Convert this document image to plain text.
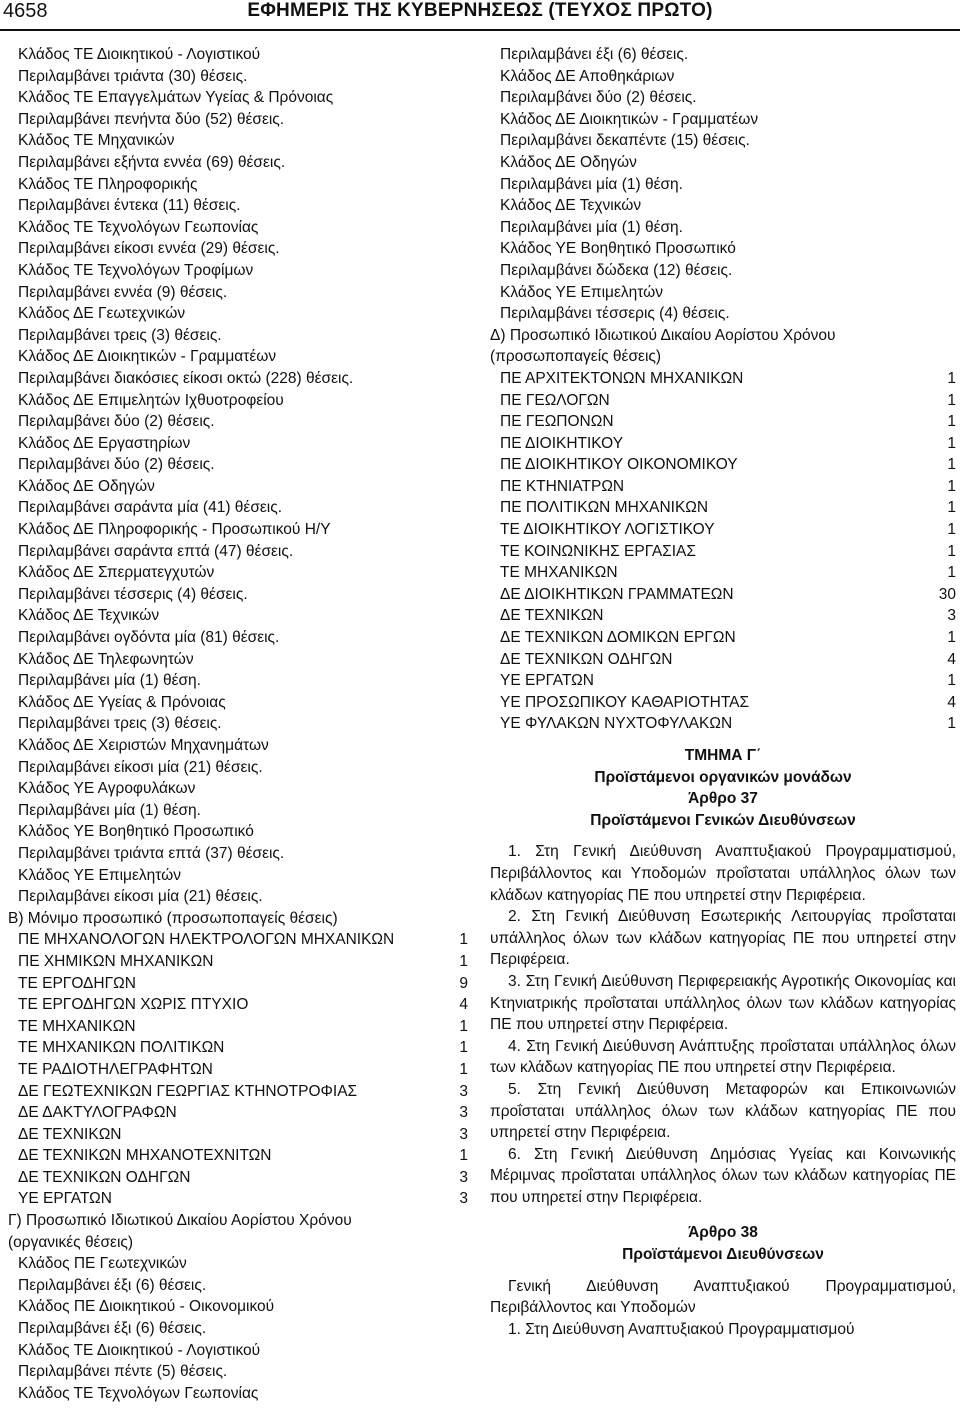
4658	ΕΦΗΜΕΡΙΣ ΤΗΣ ΚΥΒΕΡΝΗΣΕΩΣ (ΤΕΥΧΟΣ ΠΡΩΤΟ)
Κλάδος ΤΕ Διοικητικού - Λογιστικού
Περιλαμβάνει τριάντα (30) θέσεις.
Κλάδος ΤΕ Επαγγελμάτων Υγείας & Πρόνοιας
Περιλαμβάνει πενήντα δύο (52) θέσεις.
Κλάδος ΤΕ Μηχανικών
Περιλαμβάνει εξήντα εννέα (69) θέσεις.
Κλάδος ΤΕ Πληροφορικής
Περιλαμβάνει έντεκα (11) θέσεις.
Κλάδος ΤΕ Τεχνολόγων Γεωπονίας
Περιλαμβάνει είκοσι εννέα (29) θέσεις.
Κλάδος ΤΕ Τεχνολόγων Τροφίμων
Περιλαμβάνει εννέα (9) θέσεις.
Κλάδος ΔΕ Γεωτεχνικών
Περιλαμβάνει τρεις (3) θέσεις.
Κλάδος ΔΕ Διοικητικών - Γραμματέων
Περιλαμβάνει διακόσιες είκοσι οκτώ (228) θέσεις.
Κλάδος ΔΕ Επιμελητών Ιχθυοτροφείου
Περιλαμβάνει δύο (2) θέσεις.
Κλάδος ΔΕ Εργαστηρίων
Περιλαμβάνει δύο (2) θέσεις.
Κλάδος ΔΕ Οδηγών
Περιλαμβάνει σαράντα μία (41) θέσεις.
Κλάδος ΔΕ Πληροφορικής - Προσωπικού Η/Υ
Περιλαμβάνει σαράντα επτά (47) θέσεις.
Κλάδος ΔΕ Σπερματεγχυτών
Περιλαμβάνει τέσσερις (4) θέσεις.
Κλάδος ΔΕ Τεχνικών
Περιλαμβάνει ογδόντα μία (81) θέσεις.
Κλάδος ΔΕ Τηλεφωνητών
Περιλαμβάνει μία (1) θέση.
Κλάδος ΔΕ Υγείας & Πρόνοιας
Περιλαμβάνει τρεις (3) θέσεις.
Κλάδος ΔΕ Χειριστών Μηχανημάτων
Περιλαμβάνει είκοσι μία (21) θέσεις.
Κλάδος ΥΕ Αγροφυλάκων
Περιλαμβάνει μία (1) θέση.
Κλάδος ΥΕ Βοηθητικό Προσωπικό
Περιλαμβάνει τριάντα επτά (37) θέσεις.
Κλάδος ΥΕ Επιμελητών
Περιλαμβάνει είκοσι μία (21) θέσεις.
Β) Μόνιμο προσωπικό (προσωποπαγείς θέσεις)
ΠΕ ΜΗΧΑΝΟΛΟΓΩΝ ΗΛΕΚΤΡΟΛΟΓΩΝ ΜΗΧΑΝΙΚΩΝ	1
ΠΕ ΧΗΜΙΚΩΝ ΜΗΧΑΝΙΚΩΝ	1
ΤΕ ΕΡΓΟΔΗΓΩΝ	9
ΤΕ ΕΡΓΟΔΗΓΩΝ ΧΩΡΙΣ ΠΤΥΧΙΟ	4
ΤΕ ΜΗΧΑΝΙΚΩΝ	1
ΤΕ ΜΗΧΑΝΙΚΩΝ ΠΟΛΙΤΙΚΩΝ	1
ΤΕ ΡΑΔΙΟΤΗΛΕΓΡΑΦΗΤΩΝ	1
ΔΕ ΓΕΩΤΕΧΝΙΚΩΝ ΓΕΩΡΓΙΑΣ ΚΤΗΝΟΤΡΟΦΙΑΣ	3
ΔΕ ΔΑΚΤΥΛΟΓΡΑΦΩΝ	3
ΔΕ ΤΕΧΝΙΚΩΝ	3
ΔΕ ΤΕΧΝΙΚΩΝ ΜΗΧΑΝΟΤΕΧΝΙΤΩΝ	1
ΔΕ ΤΕΧΝΙΚΩΝ ΟΔΗΓΩΝ	3
ΥΕ ΕΡΓΑΤΩΝ	3
Γ) Προσωπικό Ιδιωτικού Δικαίου Αορίστου Χρόνου
(οργανικές θέσεις)
Κλάδος ΠΕ Γεωτεχνικών
Περιλαμβάνει έξι (6) θέσεις.
Κλάδος ΠΕ Διοικητικού - Οικονομικού
Περιλαμβάνει έξι (6) θέσεις.
Κλάδος ΤΕ Διοικητικού - Λογιστικού
Περιλαμβάνει πέντε (5) θέσεις.
Κλάδος ΤΕ Τεχνολόγων Γεωπονίας
Περιλαμβάνει έξι (6) θέσεις.
Κλάδος ΔΕ Αποθηκάριων
Περιλαμβάνει δύο (2) θέσεις.
Κλάδος ΔΕ Διοικητικών - Γραμματέων
Περιλαμβάνει δεκαπέντε (15) θέσεις.
Κλάδος ΔΕ Οδηγών
Περιλαμβάνει μία (1) θέση.
Κλάδος ΔΕ Τεχνικών
Περιλαμβάνει μία (1) θέση.
Κλάδος ΥΕ Βοηθητικό Προσωπικό
Περιλαμβάνει δώδεκα (12) θέσεις.
Κλάδος ΥΕ Επιμελητών
Περιλαμβάνει τέσσερις (4) θέσεις.
Δ) Προσωπικό Ιδιωτικού Δικαίου Αορίστου Χρόνου
(προσωποπαγείς θέσεις)
ΠΕ ΑΡΧΙΤΕΚΤΟΝΩΝ ΜΗΧΑΝΙΚΩΝ	1
ΠΕ ΓΕΩΛΟΓΩΝ	1
ΠΕ ΓΕΩΠΟΝΩΝ	1
ΠΕ ΔΙΟΙΚΗΤΙΚΟΥ	1
ΠΕ ΔΙΟΙΚΗΤΙΚΟΥ ΟΙΚΟΝΟΜΙΚΟΥ	1
ΠΕ ΚΤΗΝΙΑΤΡΩΝ	1
ΠΕ ΠΟΛΙΤΙΚΩΝ ΜΗΧΑΝΙΚΩΝ	1
ΤΕ ΔΙΟΙΚΗΤΙΚΟΥ ΛΟΓΙΣΤΙΚΟΥ	1
ΤΕ ΚΟΙΝΩΝΙΚΗΣ ΕΡΓΑΣΙΑΣ	1
ΤΕ ΜΗΧΑΝΙΚΩΝ	1
ΔΕ ΔΙΟΙΚΗΤΙΚΩΝ ΓΡΑΜΜΑΤΕΩΝ	30
ΔΕ ΤΕΧΝΙΚΩΝ	3
ΔΕ ΤΕΧΝΙΚΩΝ ΔΟΜΙΚΩΝ ΕΡΓΩΝ	1
ΔΕ ΤΕΧΝΙΚΩΝ ΟΔΗΓΩΝ	4
ΥΕ ΕΡΓΑΤΩΝ	1
ΥΕ ΠΡΟΣΩΠΙΚΟΥ ΚΑΘΑΡΙΟΤΗΤΑΣ	4
ΥΕ ΦΥΛΑΚΩΝ ΝΥΧΤΟΦΥΛΑΚΩΝ	1
ΤΜΗΜΑ Γ΄
Προϊστάμενοι οργανικών μονάδων
Άρθρο 37
Προϊστάμενοι Γενικών Διευθύνσεων
1. Στη Γενική Διεύθυνση Αναπτυξιακού Προγραμματισμού, Περιβάλλοντος και Υποδομών προΐσταται υπάλληλος όλων των κλάδων κατηγορίας ΠΕ που υπηρετεί στην Περιφέρεια.
2. Στη Γενική Διεύθυνση Εσωτερικής Λειτουργίας προΐσταται υπάλληλος όλων των κλάδων κατηγορίας ΠΕ που υπηρετεί στην Περιφέρεια.
3. Στη Γενική Διεύθυνση Περιφερειακής Αγροτικής Οικονομίας και Κτηνιατρικής προΐσταται υπάλληλος όλων των κλάδων κατηγορίας ΠΕ που υπηρετεί στην Περιφέρεια.
4. Στη Γενική Διεύθυνση Ανάπτυξης προΐσταται υπάλληλος όλων των κλάδων κατηγορίας ΠΕ που υπηρετεί στην Περιφέρεια.
5. Στη Γενική Διεύθυνση Μεταφορών και Επικοινωνιών προΐσταται υπάλληλος όλων των κλάδων κατηγορίας ΠΕ που υπηρετεί στην Περιφέρεια.
6. Στη Γενική Διεύθυνση Δημόσιας Υγείας και Κοινωνικής Μέριμνας προΐσταται υπάλληλος όλων των κλάδων κατηγορίας ΠΕ που υπηρετεί στην Περιφέρεια.
Άρθρο 38
Προϊστάμενοι Διευθύνσεων
Γενική Διεύθυνση Αναπτυξιακού Προγραμματισμού, Περιβάλλοντος και Υποδομών
1. Στη Διεύθυνση Αναπτυξιακού Προγραμματισμού
